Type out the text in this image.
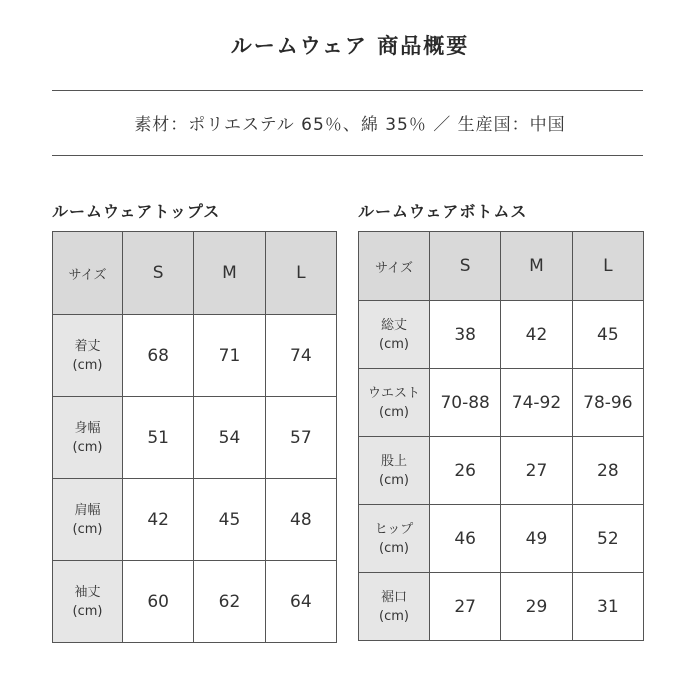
ルームウェア 商品概要
素材：ポリエステル 65％、綿 35％ ／ 生産国：中国
ルームウェアトップス	ルームウェアボトムス
サイズ	S	M	L

着丈
(cm)	68	71	74

身幅
(cm)	51	54	57

肩幅
(cm)	42	45	48

袖丈
(cm)	60	62	64
サイズ	S	M	L

総丈
(cm)	38	42	45

ウエスト
(cm)	70-88	74-92	78-96

股上
(cm)	26	27	28

ヒップ
(cm)	46	49	52

裾口
(cm)	27	29	31
